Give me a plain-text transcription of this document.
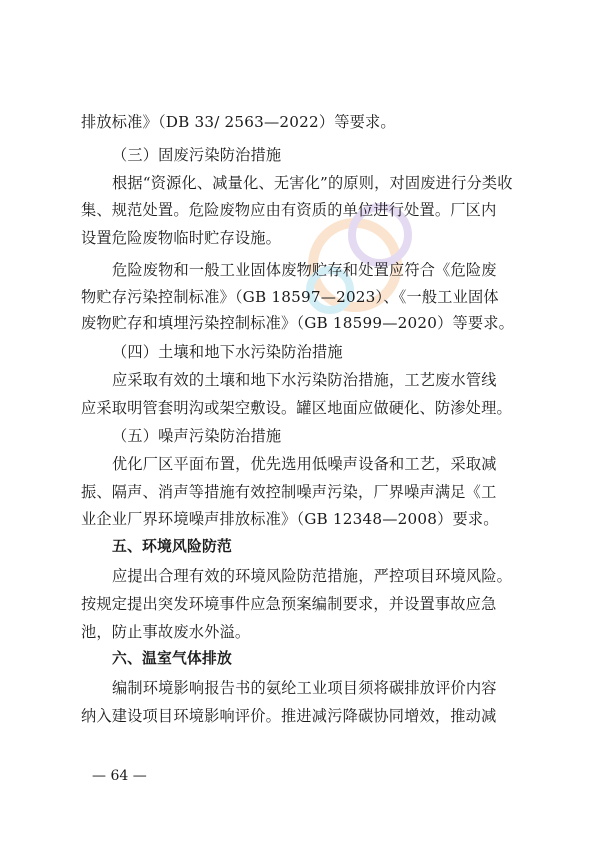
排放标准》（DB 33/ 2563—2022）等要求。

（三）固废污染防治措施

根据“资源化、减量化、无害化”的原则，对固废进行分类收

集、规范处置。危险废物应由有资质的单位进行处置。厂区内

设置危险废物临时贮存设施。

危险废物和一般工业固体废物贮存和处置应符合《危险废

物贮存污染控制标准》（GB 18597—2023）、《一般工业固体

废物贮存和填埋污染控制标准》（GB 18599—2020）等要求。

（四）土壤和地下水污染防治措施

应采取有效的土壤和地下水污染防治措施，工艺废水管线

应采取明管套明沟或架空敷设。罐区地面应做硬化、防渗处理。

（五）噪声污染防治措施

优化厂区平面布置，优先选用低噪声设备和工艺，采取减

振、隔声、消声等措施有效控制噪声污染，厂界噪声满足《工

业企业厂界环境噪声排放标准》（GB 12348—2008）要求。

五、环境风险防范

应提出合理有效的环境风险防范措施，严控项目环境风险。

按规定提出突发环境事件应急预案编制要求，并设置事故应急

池，防止事故废水外溢。

六、温室气体排放

编制环境影响报告书的氨纶工业项目须将碳排放评价内容

纳入建设项目环境影响评价。推进减污降碳协同增效，推动减

— 64 —
